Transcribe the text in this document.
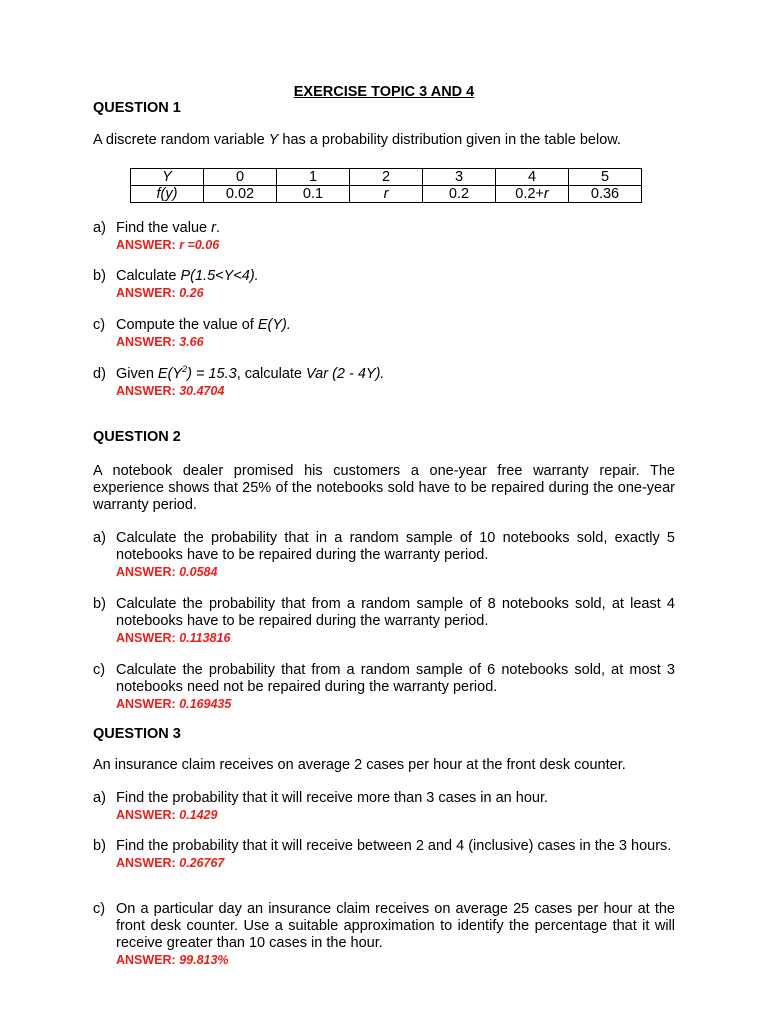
EXERCISE TOPIC 3 AND 4
QUESTION 1
A discrete random variable Y has a probability distribution given in the table below.
Y	0	1	2	3	4	5
f(y)	0.02	0.1	r	0.2	0.2+r	0.36
a) Find the value r.
ANSWER: r =0.06
b) Calculate P(1.5<Y<4).
ANSWER: 0.26
c) Compute the value of E(Y).
ANSWER: 3.66
d) Given $E(Y^2) = 15.3$, calculate Var (2 - 4Y).
ANSWER: 30.4704
QUESTION 2
A notebook dealer promised his customers a one-year free warranty repair. The experience shows that 25% of the notebooks sold have to be repaired during the one-year warranty period.
a) Calculate the probability that in a random sample of 10 notebooks sold, exactly 5 notebooks have to be repaired during the warranty period.
ANSWER: 0.0584
b) Calculate the probability that from a random sample of 8 notebooks sold, at least 4 notebooks have to be repaired during the warranty period.
ANSWER: 0.113816
c) Calculate the probability that from a random sample of 6 notebooks sold, at most 3 notebooks need not be repaired during the warranty period.
ANSWER: 0.169435
QUESTION 3
An insurance claim receives on average 2 cases per hour at the front desk counter.
a) Find the probability that it will receive more than 3 cases in an hour.
ANSWER: 0.1429
b) Find the probability that it will receive between 2 and 4 (inclusive) cases in the 3 hours.
ANSWER: 0.26767
c) On a particular day an insurance claim receives on average 25 cases per hour at the front desk counter. Use a suitable approximation to identify the percentage that it will receive greater than 10 cases in the hour.
ANSWER: 99.813%
